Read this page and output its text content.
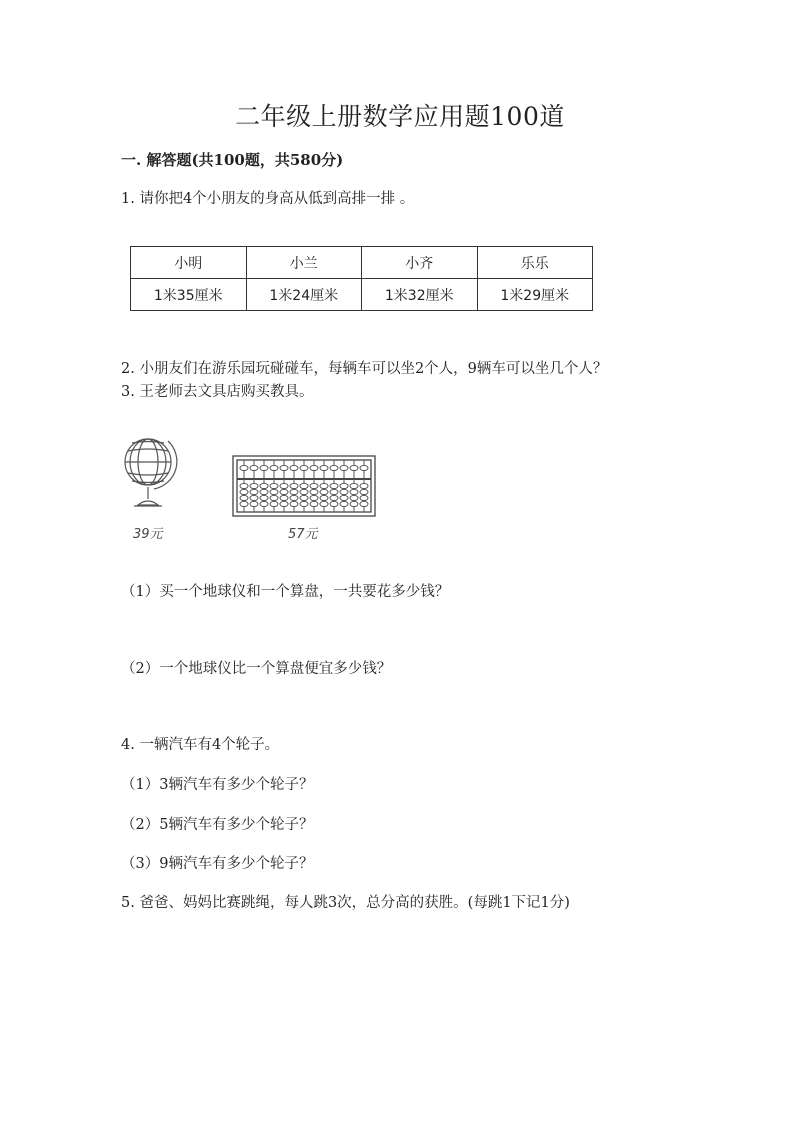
二年级上册数学应用题100道
一. 解答题(共100题，共580分)
1. 请你把4个小朋友的身高从低到高排一排 。
小明	小兰	小齐	乐乐
1米35厘米	1米24厘米	1米32厘米	1米29厘米
2. 小朋友们在游乐园玩碰碰车，每辆车可以坐2个人，9辆车可以坐几个人？
3. 王老师去文具店购买教具。
39元	57元
（1）买一个地球仪和一个算盘，一共要花多少钱？
（2）一个地球仪比一个算盘便宜多少钱？
4. 一辆汽车有4个轮子。
（1）3辆汽车有多少个轮子？
（2）5辆汽车有多少个轮子？
（3）9辆汽车有多少个轮子？
5. 爸爸、妈妈比赛跳绳，每人跳3次，总分高的获胜。(每跳1下记1分)
